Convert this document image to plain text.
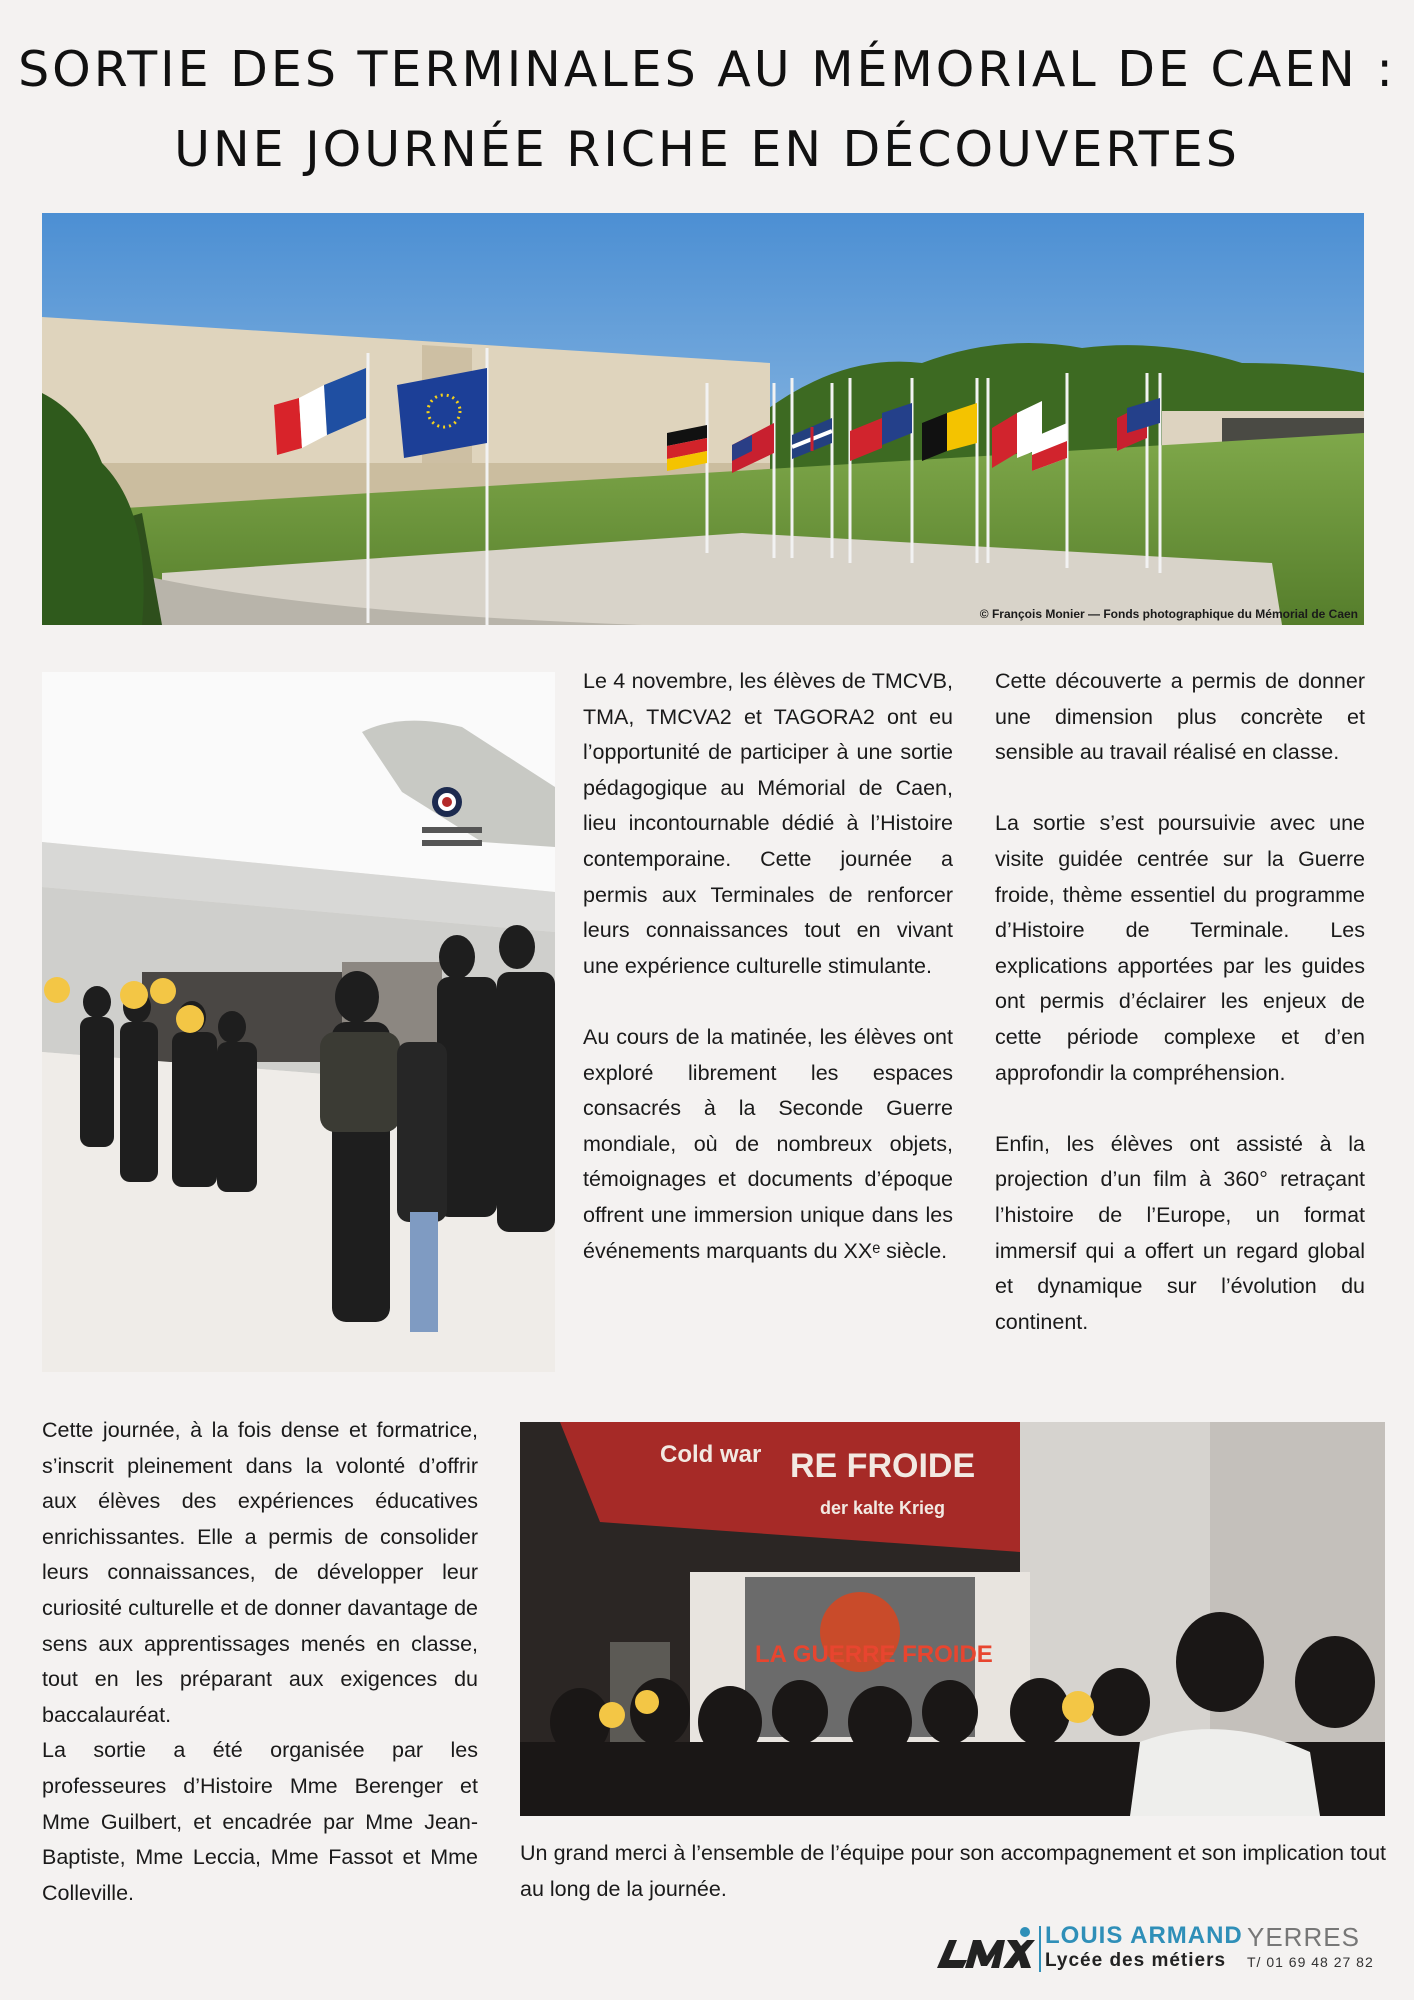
SORTIE DES TERMINALES AU MÉMORIAL DE CAEN :
UNE JOURNÉE RICHE EN DÉCOUVERTES
© François Monier — Fonds photographique du Mémorial de Caen

Le 4 novembre, les élèves de TMCVB, TMA, TMCVA2 et TAGORA2 ont eu l’opportunité de participer à une sortie pédagogique au Mémorial de Caen, lieu incontournable dédié à l’Histoire contemporaine. Cette journée a permis aux Terminales de renforcer leurs connaissances tout en vivant une expérience culturelle stimulante.

Au cours de la matinée, les élèves ont exploré librement les espaces consacrés à la Seconde Guerre mondiale, où de nombreux objets, témoignages et documents d’époque offrent une immersion unique dans les événements marquants du XXᵉ siècle.

Cette découverte a permis de donner une dimension plus concrète et sensible au travail réalisé en classe.

La sortie s’est poursuivie avec une visite guidée centrée sur la Guerre froide, thème essentiel du programme d’Histoire de Terminale. Les explications apportées par les guides ont permis d’éclairer les enjeux de cette période complexe et d’en approfondir la compréhension.

Enfin, les élèves ont assisté à la projection d’un film à 360° retraçant l’histoire de l’Europe, un format immersif qui a offert un regard global et dynamique sur l’évolution du continent.

Cette journée, à la fois dense et formatrice, s’inscrit pleinement dans la volonté d’offrir aux élèves des expériences éducatives enrichissantes. Elle a permis de consolider leurs connaissances, de développer leur curiosité culturelle et de donner davantage de sens aux apprentissages menés en classe, tout en les préparant aux exigences du baccalauréat.

La sortie a été organisée par les professeures d’Histoire Mme Berenger et Mme Guilbert, et encadrée par Mme Jean-Baptiste, Mme Leccia, Mme Fassot et Mme Colleville.

RE FROIDE
Cold war
der kalte Krieg
LA GUERRE FROIDE
Un grand merci à l’ensemble de l’équipe pour son accompagnement et son implication tout au long de la journée.
LOUIS ARMAND
Lycée des métiers
YERRES
T/ 01 69 48 27 82
